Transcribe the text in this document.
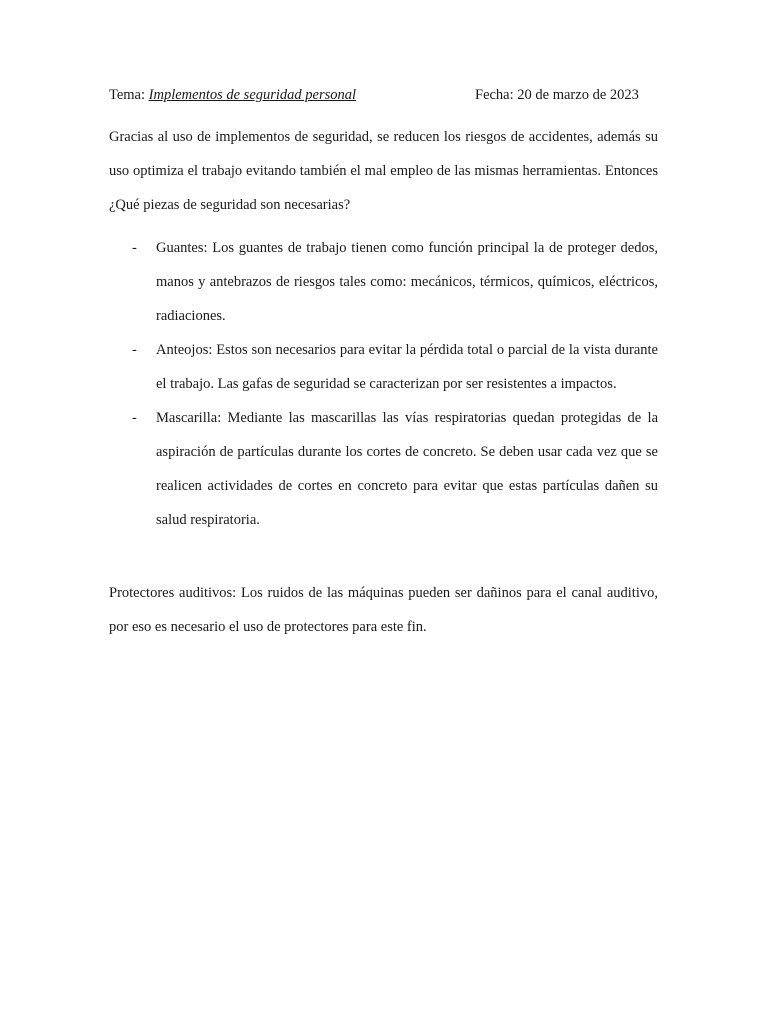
Tema: Implementos de seguridad personal	Fecha: 20 de marzo de 2023

Gracias al uso de implementos de seguridad, se reducen los riesgos de accidentes, además su uso optimiza el trabajo evitando también el mal empleo de las mismas herramientas. Entonces ¿Qué piezas de seguridad son necesarias?

- Guantes: Los guantes de trabajo tienen como función principal la de proteger dedos, manos y antebrazos de riesgos tales como: mecánicos, térmicos, químicos, eléctricos, radiaciones.
- Anteojos: Estos son necesarios para evitar la pérdida total o parcial de la vista durante el trabajo. Las gafas de seguridad se caracterizan por ser resistentes a impactos.
- Mascarilla: Mediante las mascarillas las vías respiratorias quedan protegidas de la aspiración de partículas durante los cortes de concreto. Se deben usar cada vez que se realicen actividades de cortes en concreto para evitar que estas partículas dañen su salud respiratoria.

Protectores auditivos: Los ruidos de las máquinas pueden ser dañinos para el canal auditivo, por eso es necesario el uso de protectores para este fin.
